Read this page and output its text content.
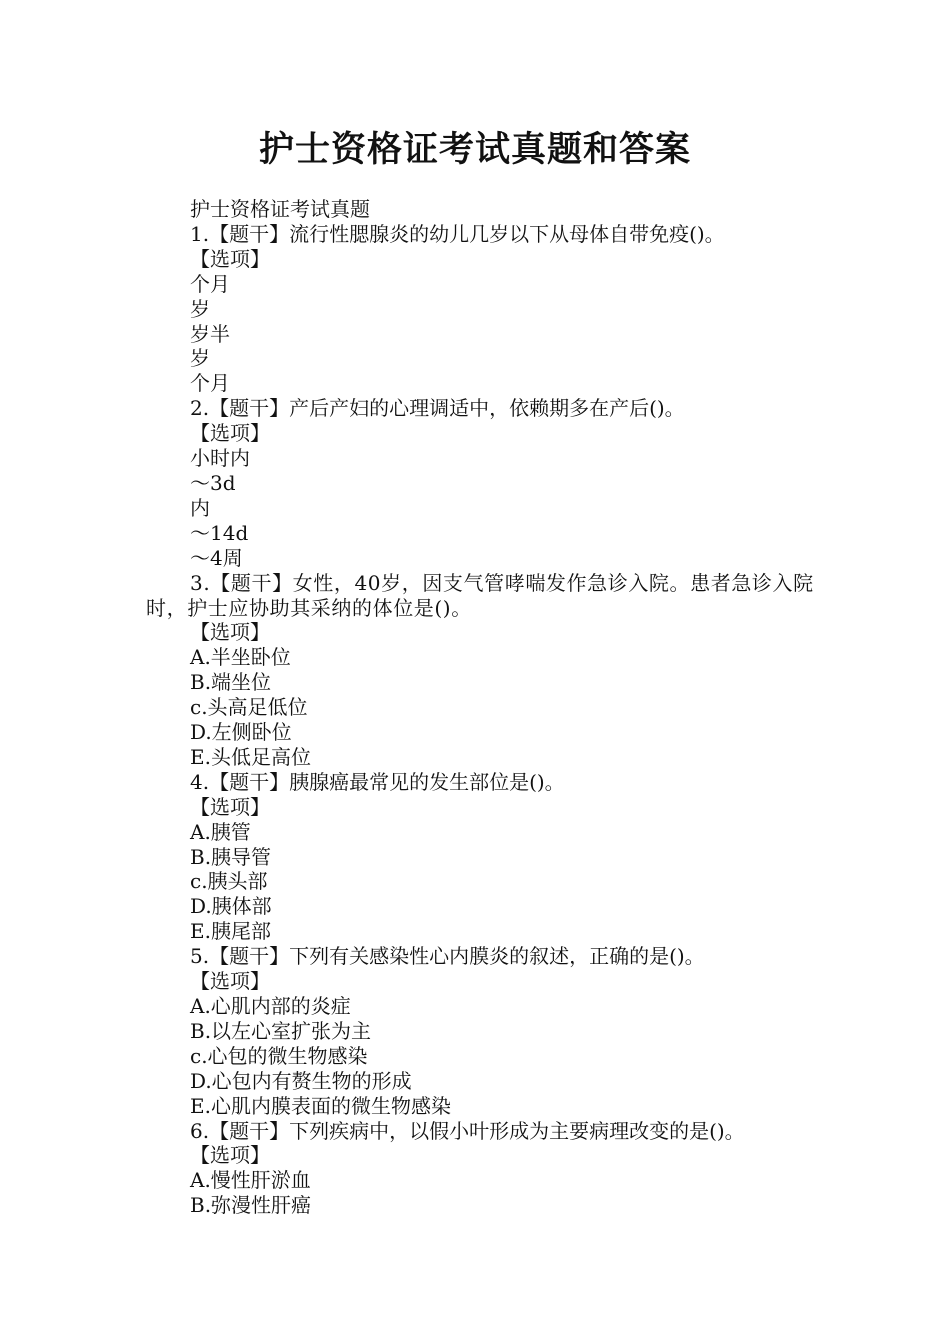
护士资格证考试真题和答案
护士资格证考试真题
1.【题干】流行性腮腺炎的幼儿几岁以下从母体自带免疫()。
【选项】
个月
岁
岁半
岁
个月
2.【题干】产后产妇的心理调适中，依赖期多在产后()。
【选项】
小时内
～3d
内
～14d
～4周
3.【题干】女性，40岁，因支气管哮喘发作急诊入院。患者急诊入院时，护士应协助其采纳的体位是()。
【选项】
A.半坐卧位
B.端坐位
c.头高足低位
D.左侧卧位
E.头低足高位
4.【题干】胰腺癌最常见的发生部位是()。
【选项】
A.胰管
B.胰导管
c.胰头部
D.胰体部
E.胰尾部
5.【题干】下列有关感染性心内膜炎的叙述，正确的是()。
【选项】
A.心肌内部的炎症
B.以左心室扩张为主
c.心包的微生物感染
D.心包内有赘生物的形成
E.心肌内膜表面的微生物感染
6.【题干】下列疾病中，以假小叶形成为主要病理改变的是()。
【选项】
A.慢性肝淤血
B.弥漫性肝癌
